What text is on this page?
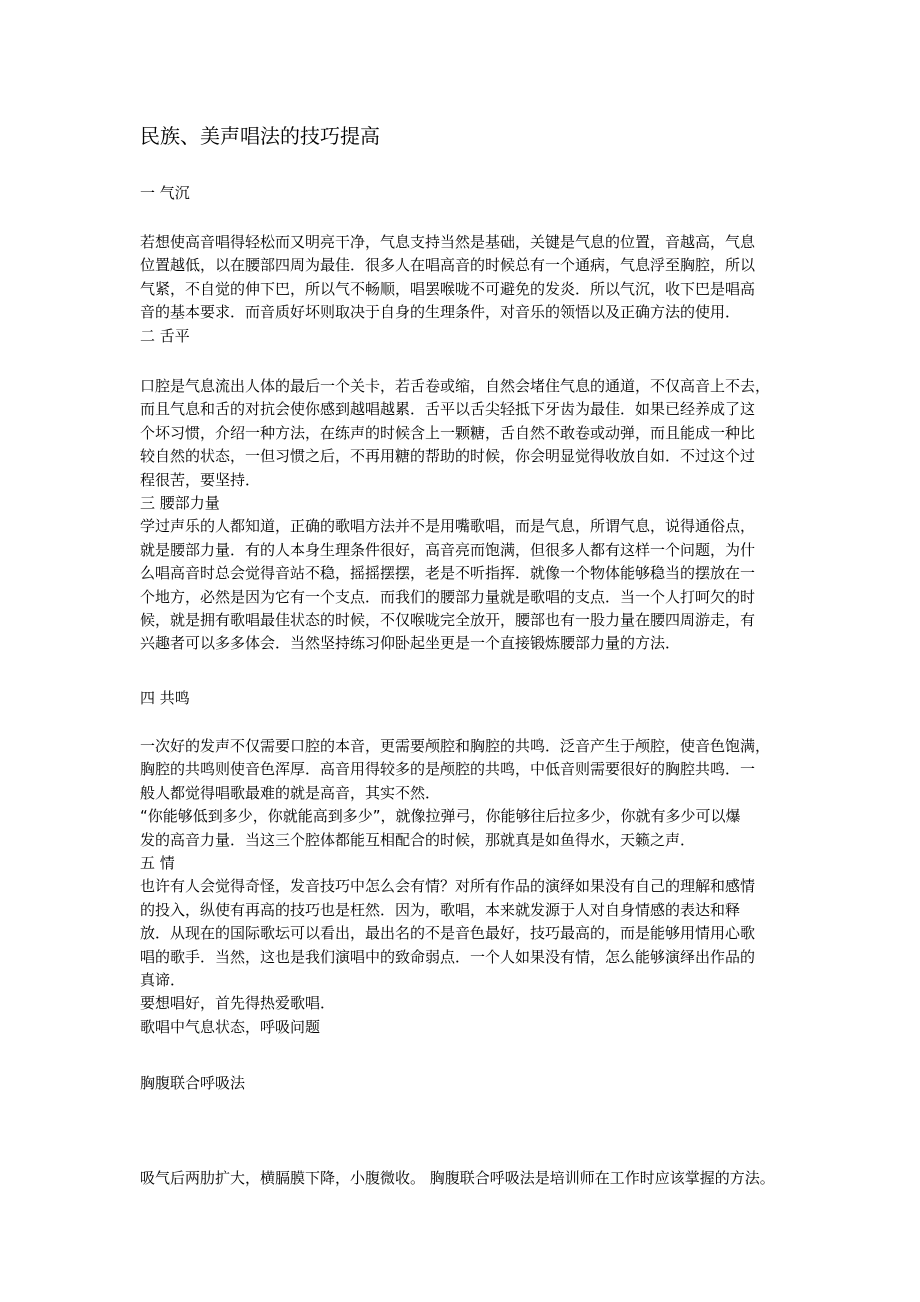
民族、美声唱法的技巧提高
一 气沉
若想使高音唱得轻松而又明亮干净，气息支持当然是基础，关键是气息的位置，音越高，气息
位置越低，以在腰部四周为最佳．很多人在唱高音的时候总有一个通病，气息浮至胸腔，所以
气紧，不自觉的伸下巴，所以气不畅顺，唱罢喉咙不可避免的发炎．所以气沉，收下巴是唱高
音的基本要求．而音质好坏则取决于自身的生理条件，对音乐的领悟以及正确方法的使用．
二 舌平
口腔是气息流出人体的最后一个关卡，若舌卷或缩，自然会堵住气息的通道，不仅高音上不去，
而且气息和舌的对抗会使你感到越唱越累．舌平以舌尖轻抵下牙齿为最佳．如果已经养成了这
个坏习惯，介绍一种方法，在练声的时候含上一颗糖，舌自然不敢卷或动弹，而且能成一种比
较自然的状态，一但习惯之后，不再用糖的帮助的时候，你会明显觉得收放自如．不过这个过
程很苦，要坚持．
三 腰部力量
学过声乐的人都知道，正确的歌唱方法并不是用嘴歌唱，而是气息，所谓气息，说得通俗点，
就是腰部力量．有的人本身生理条件很好，高音亮而饱满，但很多人都有这样一个问题，为什
么唱高音时总会觉得音站不稳，摇摇摆摆，老是不听指挥．就像一个物体能够稳当的摆放在一
个地方，必然是因为它有一个支点．而我们的腰部力量就是歌唱的支点．当一个人打呵欠的时
候，就是拥有歌唱最佳状态的时候，不仅喉咙完全放开，腰部也有一股力量在腰四周游走，有
兴趣者可以多多体会．当然坚持练习仰卧起坐更是一个直接锻炼腰部力量的方法．
四 共鸣
一次好的发声不仅需要口腔的本音，更需要颅腔和胸腔的共鸣．泛音产生于颅腔，使音色饱满，
胸腔的共鸣则使音色浑厚．高音用得较多的是颅腔的共鸣，中低音则需要很好的胸腔共鸣．一
般人都觉得唱歌最难的就是高音，其实不然．
“你能够低到多少，你就能高到多少”，就像拉弹弓，你能够往后拉多少，你就有多少可以爆
发的高音力量．当这三个腔体都能互相配合的时候，那就真是如鱼得水，天籁之声．
五 情
也许有人会觉得奇怪，发音技巧中怎么会有情？对所有作品的演绎如果没有自己的理解和感情
的投入，纵使有再高的技巧也是枉然．因为，歌唱，本来就发源于人对自身情感的表达和释
放．从现在的国际歌坛可以看出，最出名的不是音色最好，技巧最高的，而是能够用情用心歌
唱的歌手．当然，这也是我们演唱中的致命弱点．一个人如果没有情，怎么能够演绎出作品的
真谛．
要想唱好，首先得热爱歌唱．
歌唱中气息状态，呼吸问题
胸腹联合呼吸法
吸气后两肋扩大，横膈膜下降，小腹微收。 胸腹联合呼吸法是培训师在工作时应该掌握的方法。
